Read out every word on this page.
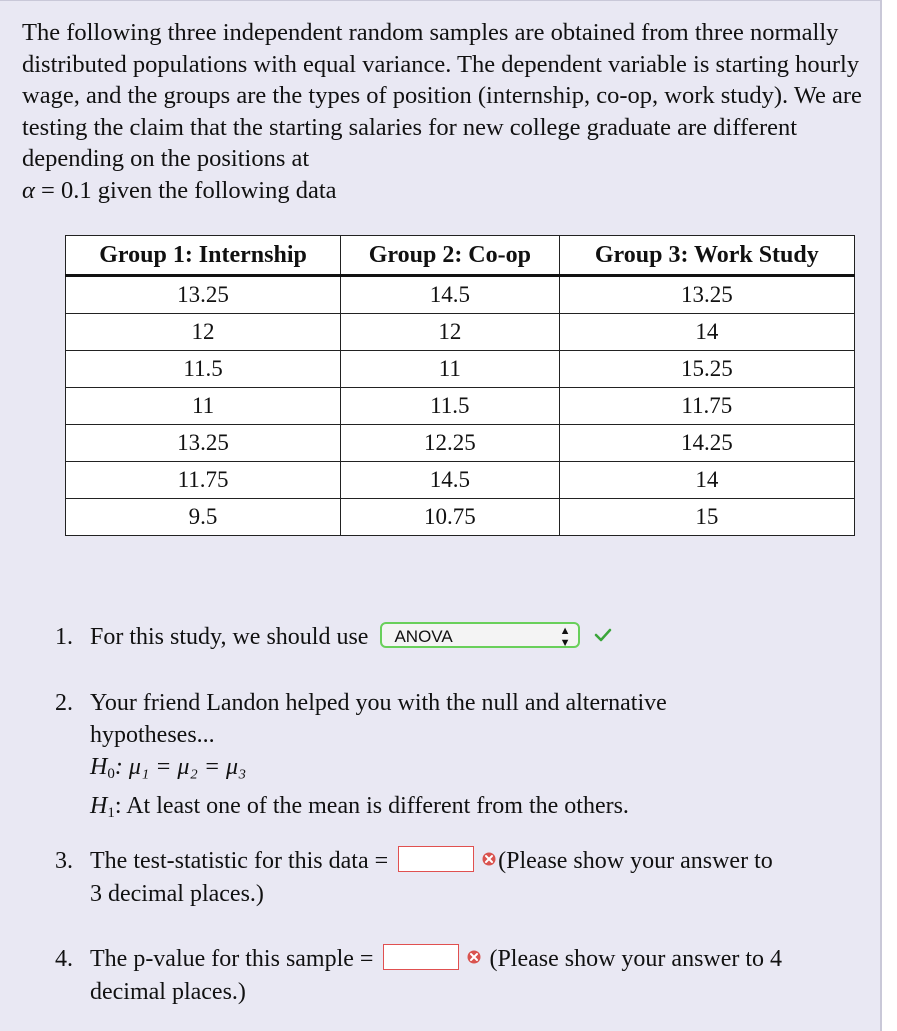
The following three independent random samples are obtained from three normally distributed populations with equal variance. The dependent variable is starting hourly wage, and the groups are the types of position (internship, co-op, work study). We are testing the claim that the starting salaries for new college graduate are different depending on the positions at
α = 0.1 given the following data
Group 1: Internship	Group 2: Co-op	Group 3: Work Study
13.25	14.5	13.25
12	12	14
11.5	11	15.25
11	11.5	11.75
13.25	12.25	14.25
11.75	14.5	14
9.5	10.75	15
1. For this study, we should use ANOVA	▲
▼

2. Your friend Landon helped you with the null and alternative
hypotheses...
$H_0$: μ₁ = μ₂ = μ₃
$H_1$: At least one of the mean is different from the others.
3. The test-statistic for this data =	(Please show your answer to
3 decimal places.)
4. The p-value for this sample =	(Please show your answer to 4
decimal places.)
